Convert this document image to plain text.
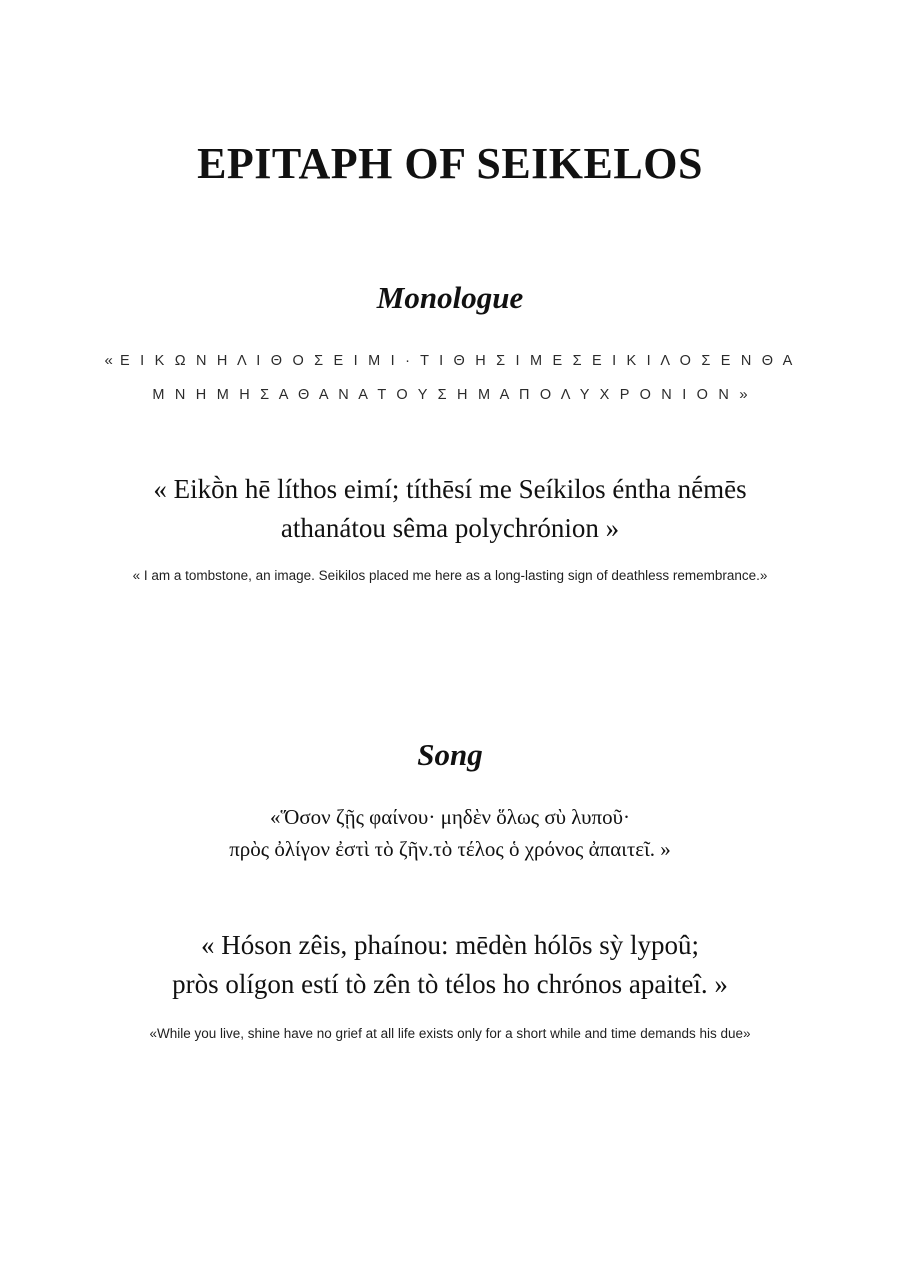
EPITAPH OF SEIKELOS
Monologue
« Ε Ι Κ Ω Ν Η Λ Ι Θ Ο Σ Ε Ι Μ Ι · Τ Ι Θ Η Σ Ι Μ Ε Σ Ε Ι Κ Ι Λ Ο Σ Ε Ν Θ Α
Μ Ν Η Μ Η Σ Α Θ Α Ν Α Τ Ο Υ Σ Η Μ Α Π Ο Λ Υ Χ Ρ Ο Ν Ι Ο Ν »
« Eikṑn hē líthos eimí; títhēsí me Seíkilos éntha nḗmēs
athanátou sêma polychrónion »
« I am a tombstone, an image. Seikilos placed me here as a long-lasting sign of deathless remembrance.»
Song
«Ὅσον ζῇς φαίνου· μηδὲν ὅλως σὺ λυποῦ·
πρὸς ὀλίγον ἐστὶ τὸ ζῆν.τὸ τέλος ὁ χρόνος ἀπαιτεῖ. »
« Hóson zêis, phaínou: mēdèn hólōs sỳ lypoû;
pròs olígon estí tò zên tò télos ho chrónos apaiteî. »
«While you live, shine have no grief at all life exists only for a short while and time demands his due»
